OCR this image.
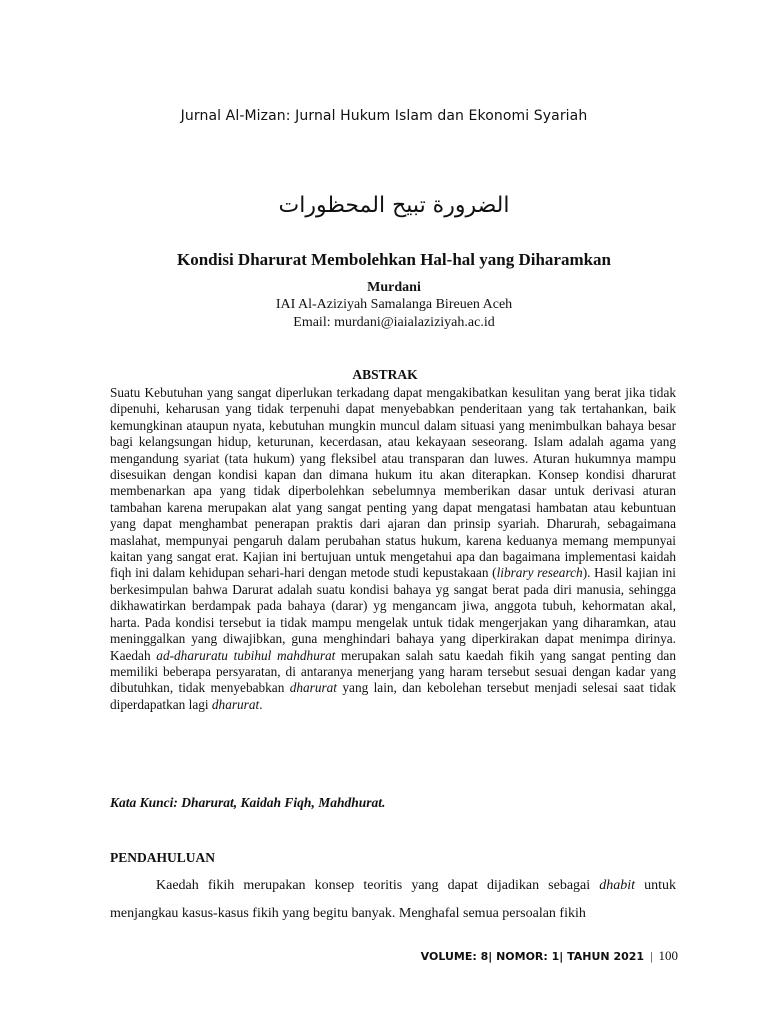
Jurnal Al-Mizan: Jurnal Hukum Islam dan Ekonomi Syariah
الضرورة تبيح المحظورات
Kondisi Dharurat Membolehkan Hal-hal yang Diharamkan
Murdani
IAI Al-Aziziyah Samalanga Bireuen Aceh
Email: murdani@iaialaziziyah.ac.id
ABSTRAK
Suatu Kebutuhan yang sangat diperlukan terkadang dapat mengakibatkan kesulitan yang berat jika tidak dipenuhi, keharusan yang tidak terpenuhi dapat menyebabkan penderitaan yang tak tertahankan, baik kemungkinan ataupun nyata, kebutuhan mungkin muncul dalam situasi yang menimbulkan bahaya besar bagi kelangsungan hidup, keturunan, kecerdasan, atau kekayaan seseorang. Islam adalah agama yang mengandung syariat (tata hukum) yang fleksibel atau transparan dan luwes. Aturan hukumnya mampu disesuikan dengan kondisi kapan dan dimana hukum itu akan diterapkan. Konsep kondisi dharurat membenarkan apa yang tidak diperbolehkan sebelumnya memberikan dasar untuk derivasi aturan tambahan karena merupakan alat yang sangat penting yang dapat mengatasi hambatan atau kebuntuan yang dapat menghambat penerapan praktis dari ajaran dan prinsip syariah. Dharurah, sebagaimana maslahat, mempunyai pengaruh dalam perubahan status hukum, karena keduanya memang mempunyai kaitan yang sangat erat. Kajian ini bertujuan untuk mengetahui apa dan bagaimana implementasi kaidah fiqh ini dalam kehidupan sehari-hari dengan metode studi kepustakaan (library research). Hasil kajian ini berkesimpulan bahwa Darurat adalah suatu kondisi bahaya yg sangat berat pada diri manusia, sehingga dikhawatirkan berdampak pada bahaya (darar) yg mengancam jiwa, anggota tubuh, kehormatan akal, harta. Pada kondisi tersebut ia tidak mampu mengelak untuk tidak mengerjakan yang diharamkan, atau meninggalkan yang diwajibkan, guna menghindari bahaya yang diperkirakan dapat menimpa dirinya. Kaedah ad-dharuratu tubihul mahdhurat merupakan salah satu kaedah fikih yang sangat penting dan memiliki beberapa persyaratan, di antaranya menerjang yang haram tersebut sesuai dengan kadar yang dibutuhkan, tidak menyebabkan dharurat yang lain, dan kebolehan tersebut menjadi selesai saat tidak diperdapatkan lagi dharurat.
Kata Kunci: Dharurat, Kaidah Fiqh, Mahdhurat.
PENDAHULUAN
Kaedah fikih merupakan konsep teoritis yang dapat dijadikan sebagai dhabit untuk menjangkau kasus-kasus fikih yang begitu banyak. Menghafal semua persoalan fikih
VOLUME: 8| NOMOR: 1| TAHUN 2021 | 100
